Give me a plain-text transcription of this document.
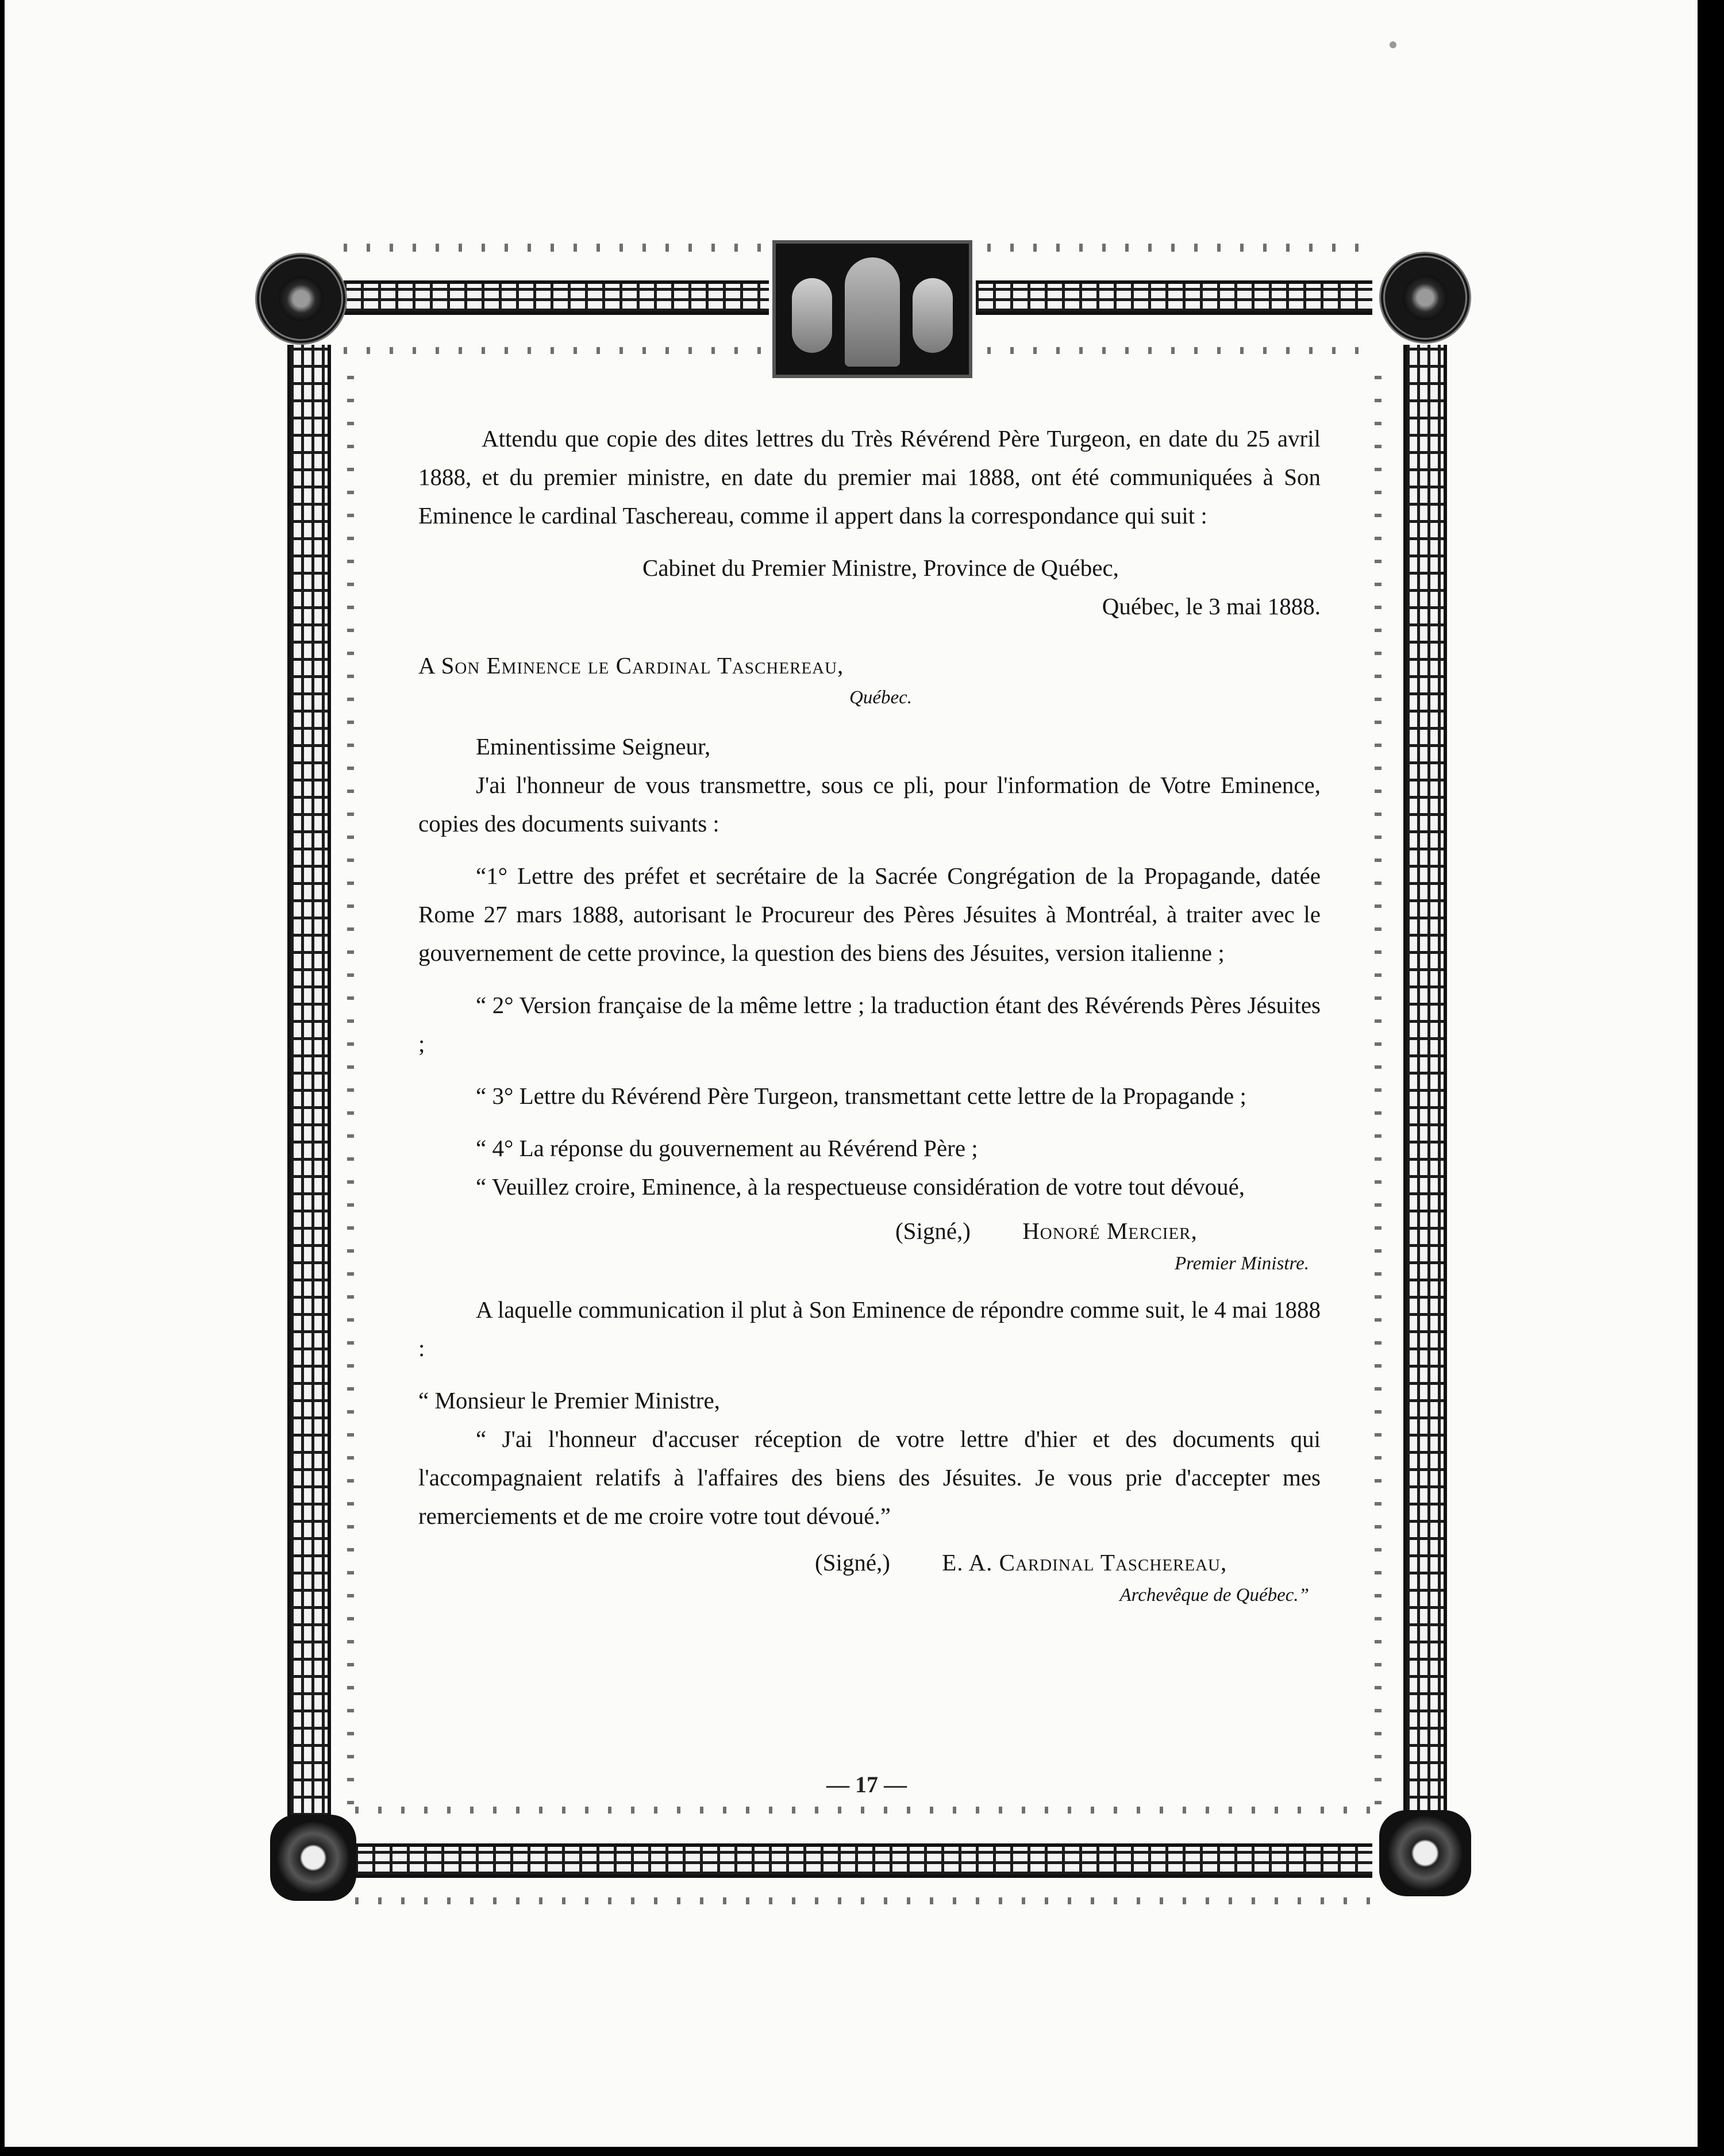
Attendu que copie des dites lettres du Très Révérend Père Turgeon, en date du 25 avril 1888, et du premier ministre, en date du premier mai 1888, ont été communiquées à Son Eminence le cardinal Taschereau, comme il appert dans la correspondance qui suit :

Cabinet du Premier Ministre, Province de Québec,

Québec, le 3 mai 1888.

A Son Eminence le Cardinal Taschereau,

Québec.

Eminentissime Seigneur,

J'ai l'honneur de vous transmettre, sous ce pli, pour l'information de Votre Eminence, copies des documents suivants :

“1° Lettre des préfet et secrétaire de la Sacrée Congrégation de la Propagande, datée Rome 27 mars 1888, autorisant le Procureur des Pères Jésuites à Montréal, à traiter avec le gouvernement de cette province, la question des biens des Jésuites, version italienne ;

“ 2° Version française de la même lettre ; la traduction étant des Révérends Pères Jésuites ;

“ 3° Lettre du Révérend Père Turgeon, transmettant cette lettre de la Propagande ;

“ 4° La réponse du gouvernement au Révérend Père ;

“ Veuillez croire, Eminence, à la respectueuse considération de votre tout dévoué,

(Signé,) Honoré Mercier,

Premier Ministre.

A laquelle communication il plut à Son Eminence de répondre comme suit, le 4 mai 1888 :

“ Monsieur le Premier Ministre,

“ J'ai l'honneur d'accuser réception de votre lettre d'hier et des documents qui l'accompagnaient relatifs à l'affaires des biens des Jésuites. Je vous prie d'accepter mes remerciements et de me croire votre tout dévoué.”

(Signé,) E. A. Cardinal Taschereau,

Archevêque de Québec.”

— 17 —
